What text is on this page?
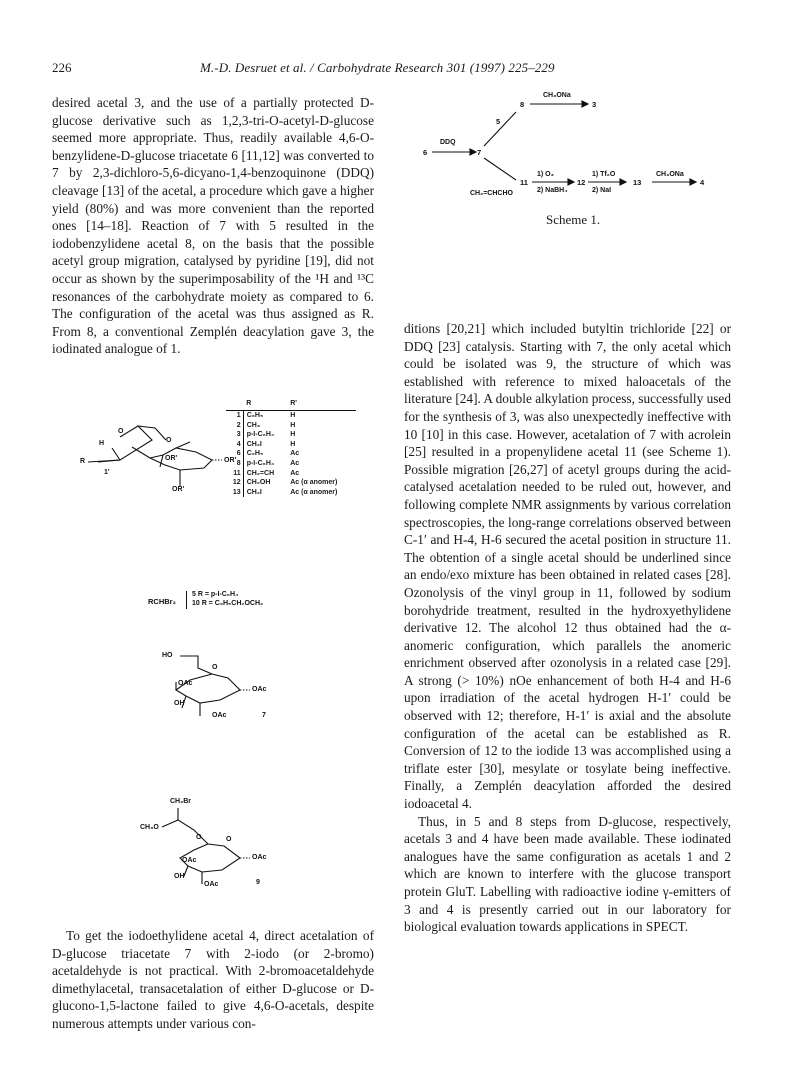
226	M.-D. Desruet et al. / Carbohydrate Research 301 (1997) 225–229

desired acetal 3, and the use of a partially protected D-glucose derivative such as 1,2,3-tri-O-acetyl-D-glucose seemed more appropriate. Thus, readily available 4,6-O-benzylidene-D-glucose triacetate 6 [11,12] was converted to 7 by 2,3-dichloro-5,6-dicyano-1,4-benzoquinone (DDQ) cleavage [13] of the acetal, a procedure which gave a higher yield (80%) and was more convenient than the reported ones [14–18]. Reaction of 7 with 5 resulted in the iodobenzylidene acetal 8, on the basis that the possible acetyl group migration, catalysed by pyridine [19], did not occur as shown by the superimposability of the ¹H and ¹³C resonances of the carbohydrate moiety as compared to 6. The configuration of the acetal was thus assigned as R. From 8, a conventional Zemplén deacylation gave 3, the iodinated analogue of 1.

H
R
O
O
OR'	OR'
OR'
1'
	R	R'
1	C₆H₅	H
2	CH₃	H
3	p-I-C₆H₄	H
4	CH₂I	H
6	C₆H₅	Ac
8	p-I-C₆H₄	Ac
11	CH₂=CH	Ac
12	CH₂OH	Ac (α anomer)
13	CH₂I	Ac (α anomer)
RCHBr₂
5 R = p-I-C₆H₄
10 R = C₆H₅CH₂OCH₂
HO
O
OAc
OAc
OAc
OH
7
CH₂Br
CH₃O
O	O
OAc	OAc
OAc
OH
9

To get the iodoethylidene acetal 4, direct acetalation of D-glucose triacetate 7 with 2-iodo (or 2-bromo) acetaldehyde is not practical. With 2-bromoacetaldehyde dimethylacetal, transacetalation of either D-glucose or D-glucono-1,5-lactone failed to give 4,6-O-acetals, despite numerous attempts under various con-

6
DDQ
7
5
8
CH₃ONa
3
11
CH₂=CHCHO
1) O₃
2) NaBH₄
12
1) Tf₂O
2) NaI
13
CH₃ONa
4
Scheme 1.

ditions [20,21] which included butyltin trichloride [22] or DDQ [23] catalysis. Starting with 7, the only acetal which could be isolated was 9, the structure of which was established with reference to mixed haloacetals of the literature [24]. A double alkylation process, successfully used for the synthesis of 3, was also unexpectedly ineffective with 10 [10] in this case. However, acetalation of 7 with acrolein [25] resulted in a propenylidene acetal 11 (see Scheme 1). Possible migration [26,27] of acetyl groups during the acid-catalysed acetalation needed to be ruled out, however, and following complete NMR assignments by various correlation spectroscopies, the long-range correlations observed between C-1′ and H-4, H-6 secured the acetal position in structure 11. The obtention of a single acetal should be underlined since an endo/exo mixture has been obtained in related cases [28]. Ozonolysis of the vinyl group in 11, followed by sodium borohydride treatment, resulted in the hydroxyethylidene derivative 12. The alcohol 12 thus obtained had the α-anomeric configuration, which parallels the anomeric enrichment observed after ozonolysis in a related case [29]. A strong (> 10%) nOe enhancement of both H-4 and H-6 upon irradiation of the acetal hydrogen H-1′ could be observed with 12; therefore, H-1′ is axial and the absolute configuration of the acetal can be established as R. Conversion of 12 to the iodide 13 was accomplished using a triflate ester [30], mesylate or tosylate being ineffective. Finally, a Zemplén deacylation afforded the desired iodoacetal 4.

Thus, in 5 and 8 steps from D-glucose, respectively, acetals 3 and 4 have been made available. These iodinated analogues have the same configuration as acetals 1 and 2 which are known to interfere with the glucose transport protein GluT. Labelling with radioactive iodine γ-emitters of 3 and 4 is presently carried out in our laboratory for biological evaluation towards applications in SPECT.
